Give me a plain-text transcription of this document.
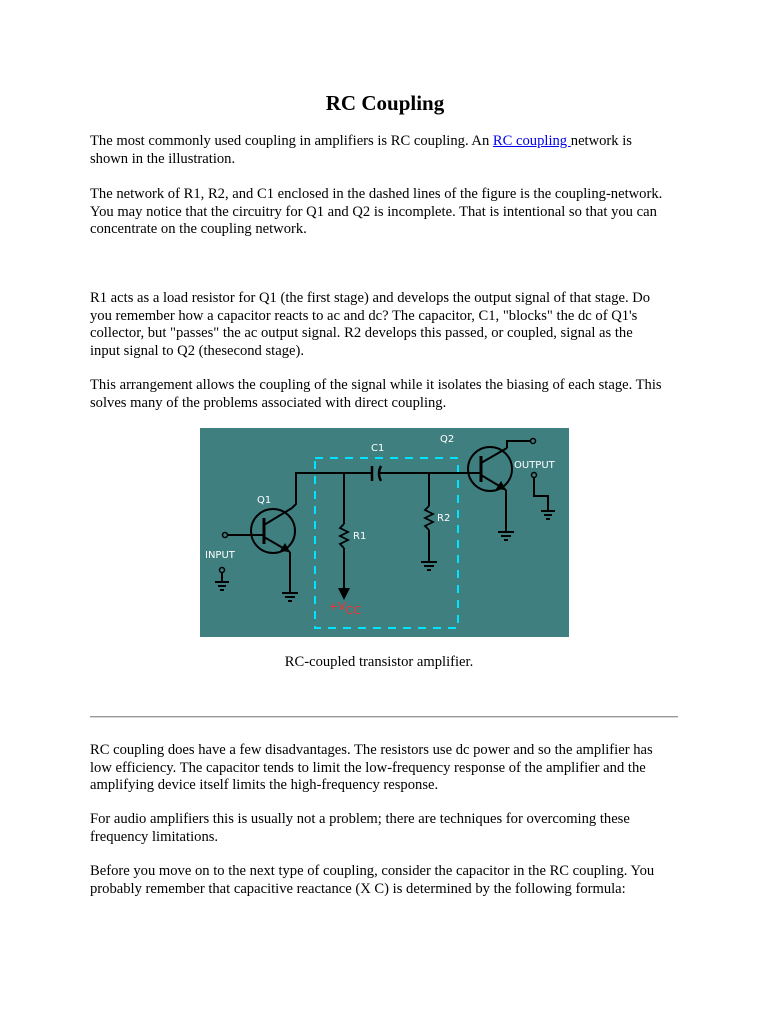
RC Coupling

The most commonly used coupling in amplifiers is RC coupling. An RC coupling network is shown in the illustration.

The network of R1, R2, and C1 enclosed in the dashed lines of the figure is the coupling-network. You may notice that the circuitry for Q1 and Q2 is incomplete. That is intentional so that you can concentrate on the coupling network.

R1 acts as a load resistor for Q1 (the first stage) and develops the output signal of that stage. Do you remember how a capacitor reacts to ac and dc? The capacitor, C1, "blocks" the dc of Q1's collector, but "passes" the ac output signal. R2 develops this passed, or coupled, signal as the input signal to Q2 (thesecond stage).

This arrangement allows the coupling of the signal while it isolates the biasing of each stage. This solves many of the problems associated with direct coupling.

C1
Q2
Q1
R1
R2
INPUT
OUTPUT
+VCC

RC-coupled transistor amplifier.

RC coupling does have a few disadvantages. The resistors use dc power and so the amplifier has low efficiency. The capacitor tends to limit the low-frequency response of the amplifier and the amplifying device itself limits the high-frequency response.

For audio amplifiers this is usually not a problem; there are techniques for overcoming these frequency limitations.

Before you move on to the next type of coupling, consider the capacitor in the RC coupling. You probably remember that capacitive reactance (X C) is determined by the following formula:
